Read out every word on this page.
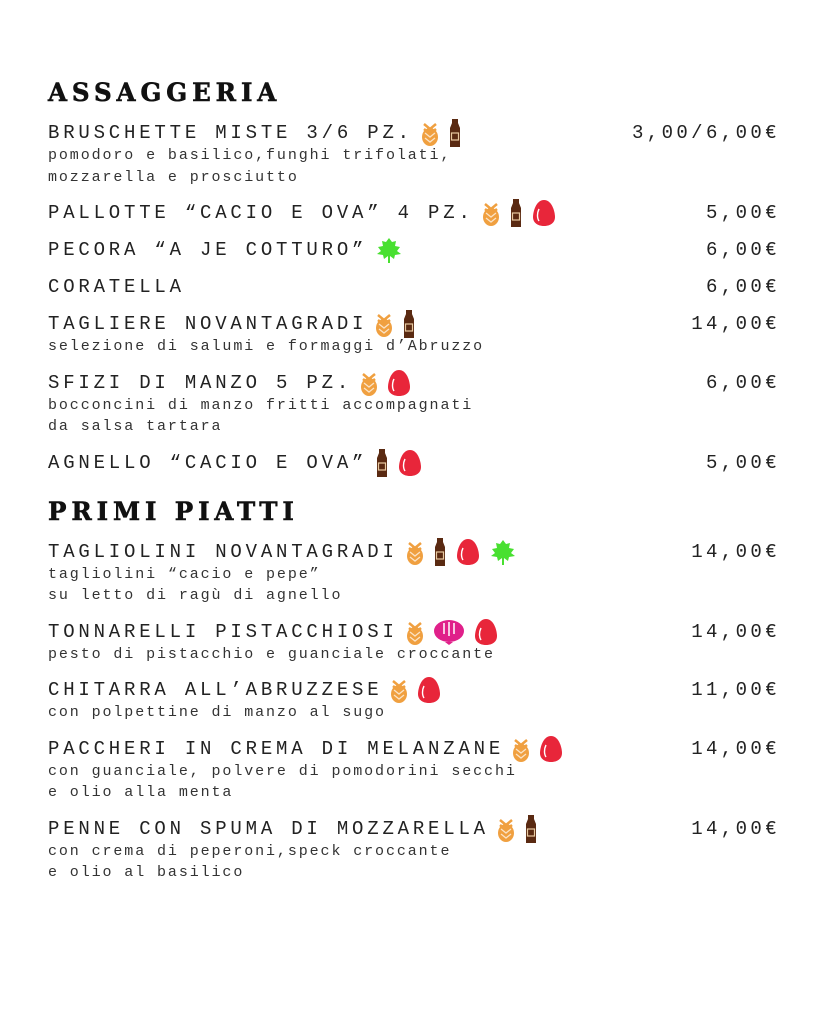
ASSAGGERIA
BRUSCHETTE MISTE 3/6 PZ.	3,00/6,00€
pomodoro e basilico,funghi trifolati,
mozzarella e prosciutto
PALLOTTE “CACIO E OVA” 4 PZ.	5,00€
PECORA “A JE COTTURO”	6,00€
CORATELLA	6,00€
TAGLIERE NOVANTAGRADI	14,00€
selezione di salumi e formaggi d’Abruzzo
SFIZI DI MANZO 5 PZ.	6,00€
bocconcini di manzo fritti accompagnati
da salsa tartara
AGNELLO “CACIO E OVA”	5,00€
PRIMI PIATTI
TAGLIOLINI NOVANTAGRADI	14,00€
tagliolini “cacio e pepe”
su letto di ragù di agnello
TONNARELLI PISTACCHIOSI	14,00€
pesto di pistacchio e guanciale croccante
CHITARRA ALL’ABRUZZESE	11,00€
con polpettine di manzo al sugo
PACCHERI IN CREMA DI MELANZANE	14,00€
con guanciale, polvere di pomodorini secchi
e olio alla menta
PENNE CON SPUMA DI MOZZARELLA	14,00€
con crema di peperoni,speck croccante
e olio al basilico
